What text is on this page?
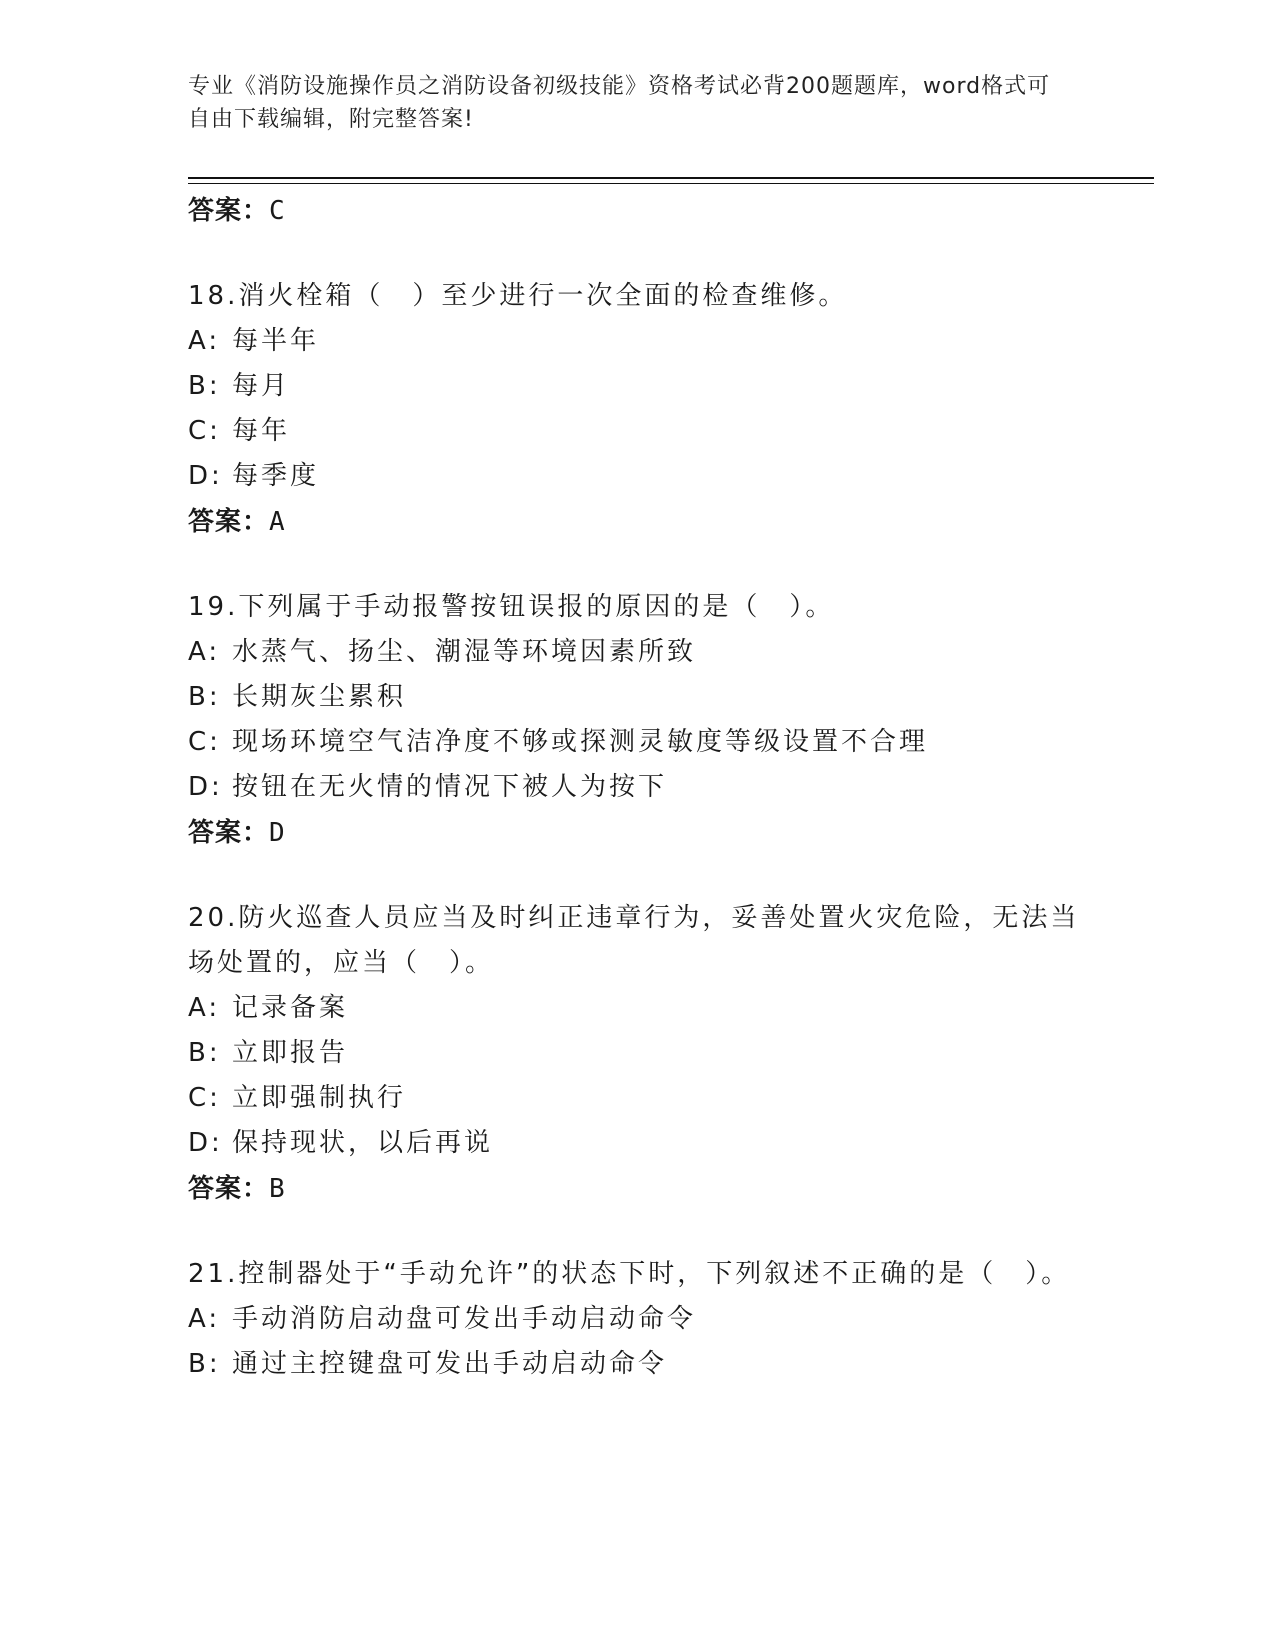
专业《消防设施操作员之消防设备初级技能》资格考试必背200题题库，word格式可自由下载编辑，附完整答案!
答案：C
18.消火栓箱（　）至少进行一次全面的检查维修。
A: 每半年
B: 每月
C: 每年
D: 每季度
答案：A
19.下列属于手动报警按钮误报的原因的是（　）。
A: 水蒸气、扬尘、潮湿等环境因素所致
B: 长期灰尘累积
C: 现场环境空气洁净度不够或探测灵敏度等级设置不合理
D: 按钮在无火情的情况下被人为按下
答案：D
20.防火巡查人员应当及时纠正违章行为，妥善处置火灾危险，无法当场处置的，应当（　）。
A: 记录备案
B: 立即报告
C: 立即强制执行
D: 保持现状，以后再说
答案：B
21.控制器处于“手动允许”的状态下时，下列叙述不正确的是（　）。
A: 手动消防启动盘可发出手动启动命令
B: 通过主控键盘可发出手动启动命令
